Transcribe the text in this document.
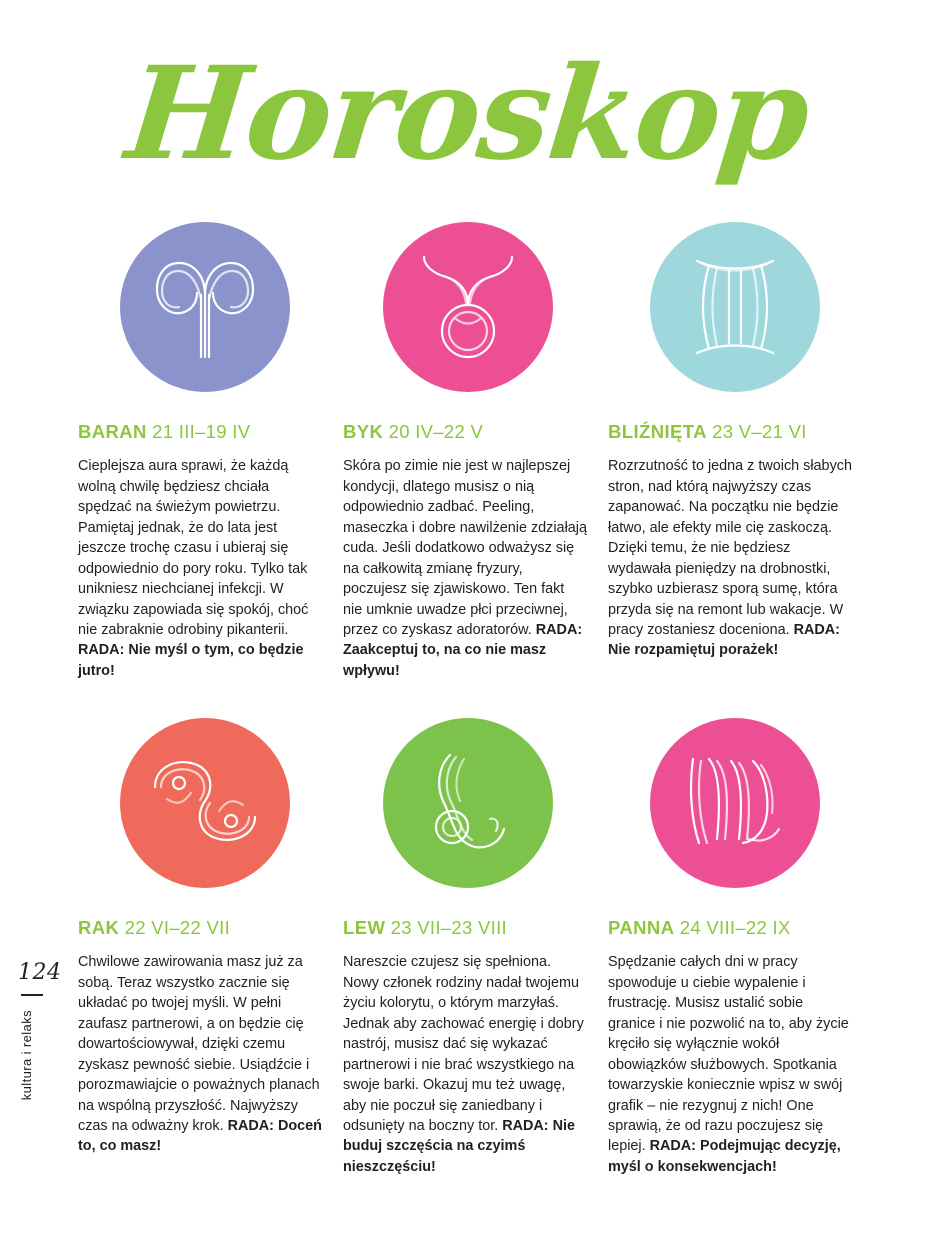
Horoskop
BARAN 21 III–19 IV
Cieplejsza aura sprawi, że każdą wolną chwilę będziesz chciała spędzać na świeżym powietrzu. Pamiętaj jednak, że do lata jest jeszcze trochę czasu i ubieraj się odpowiednio do pory roku. Tylko tak unikniesz niechcianej infekcji. W związku zapowiada się spokój, choć nie zabraknie odrobiny pikanterii. RADA: Nie myśl o tym, co będzie jutro!
BYK 20 IV–22 V
Skóra po zimie nie jest w najlepszej kondycji, dlatego musisz o nią odpowiednio zadbać. Peeling, maseczka i dobre nawilżenie zdziałają cuda. Jeśli dodatkowo odważysz się na całkowitą zmianę fryzury, poczujesz się zjawiskowo. Ten fakt nie umknie uwadze płci przeciwnej, przez co zyskasz adoratorów. RADA: Zaakceptuj to, na co nie masz wpływu!
BLIŹNIĘTA 23 V–21 VI
Rozrzutność to jedna z twoich słabych stron, nad którą najwyższy czas zapanować. Na początku nie będzie łatwo, ale efekty mile cię zaskoczą. Dzięki temu, że nie będziesz wydawała pieniędzy na drobnostki, szybko uzbierasz sporą sumę, która przyda się na remont lub wakacje. W pracy zostaniesz doceniona. RADA: Nie rozpamiętuj porażek!
RAK 22 VI–22 VII
Chwilowe zawirowania masz już za sobą. Teraz wszystko zacznie się układać po twojej myśli. W pełni zaufasz partnerowi, a on będzie cię dowartościowywał, dzięki czemu zyskasz pewność siebie. Usiądźcie i porozmawiajcie o poważnych planach na wspólną przyszłość. Najwyższy czas na odważny krok. RADA: Doceń to, co masz!
LEW 23 VII–23 VIII
Nareszcie czujesz się spełniona. Nowy członek rodziny nadał twojemu życiu kolorytu, o którym marzyłaś. Jednak aby zachować energię i dobry nastrój, musisz dać się wykazać partnerowi i nie brać wszystkiego na swoje barki. Okazuj mu też uwagę, aby nie poczuł się zaniedbany i odsunięty na boczny tor. RADA: Nie buduj szczęścia na czyimś nieszczęściu!
PANNA 24 VIII–22 IX
Spędzanie całych dni w pracy spowoduje u ciebie wypalenie i frustrację. Musisz ustalić sobie granice i nie pozwolić na to, aby życie kręciło się wyłącznie wokół obowiązków służbowych. Spotkania towarzyskie koniecznie wpisz w swój grafik – nie rezygnuj z nich! One sprawią, że od razu poczujesz się lepiej. RADA: Podejmując decyzję, myśl o konsekwencjach!
124
kultura i relaks
